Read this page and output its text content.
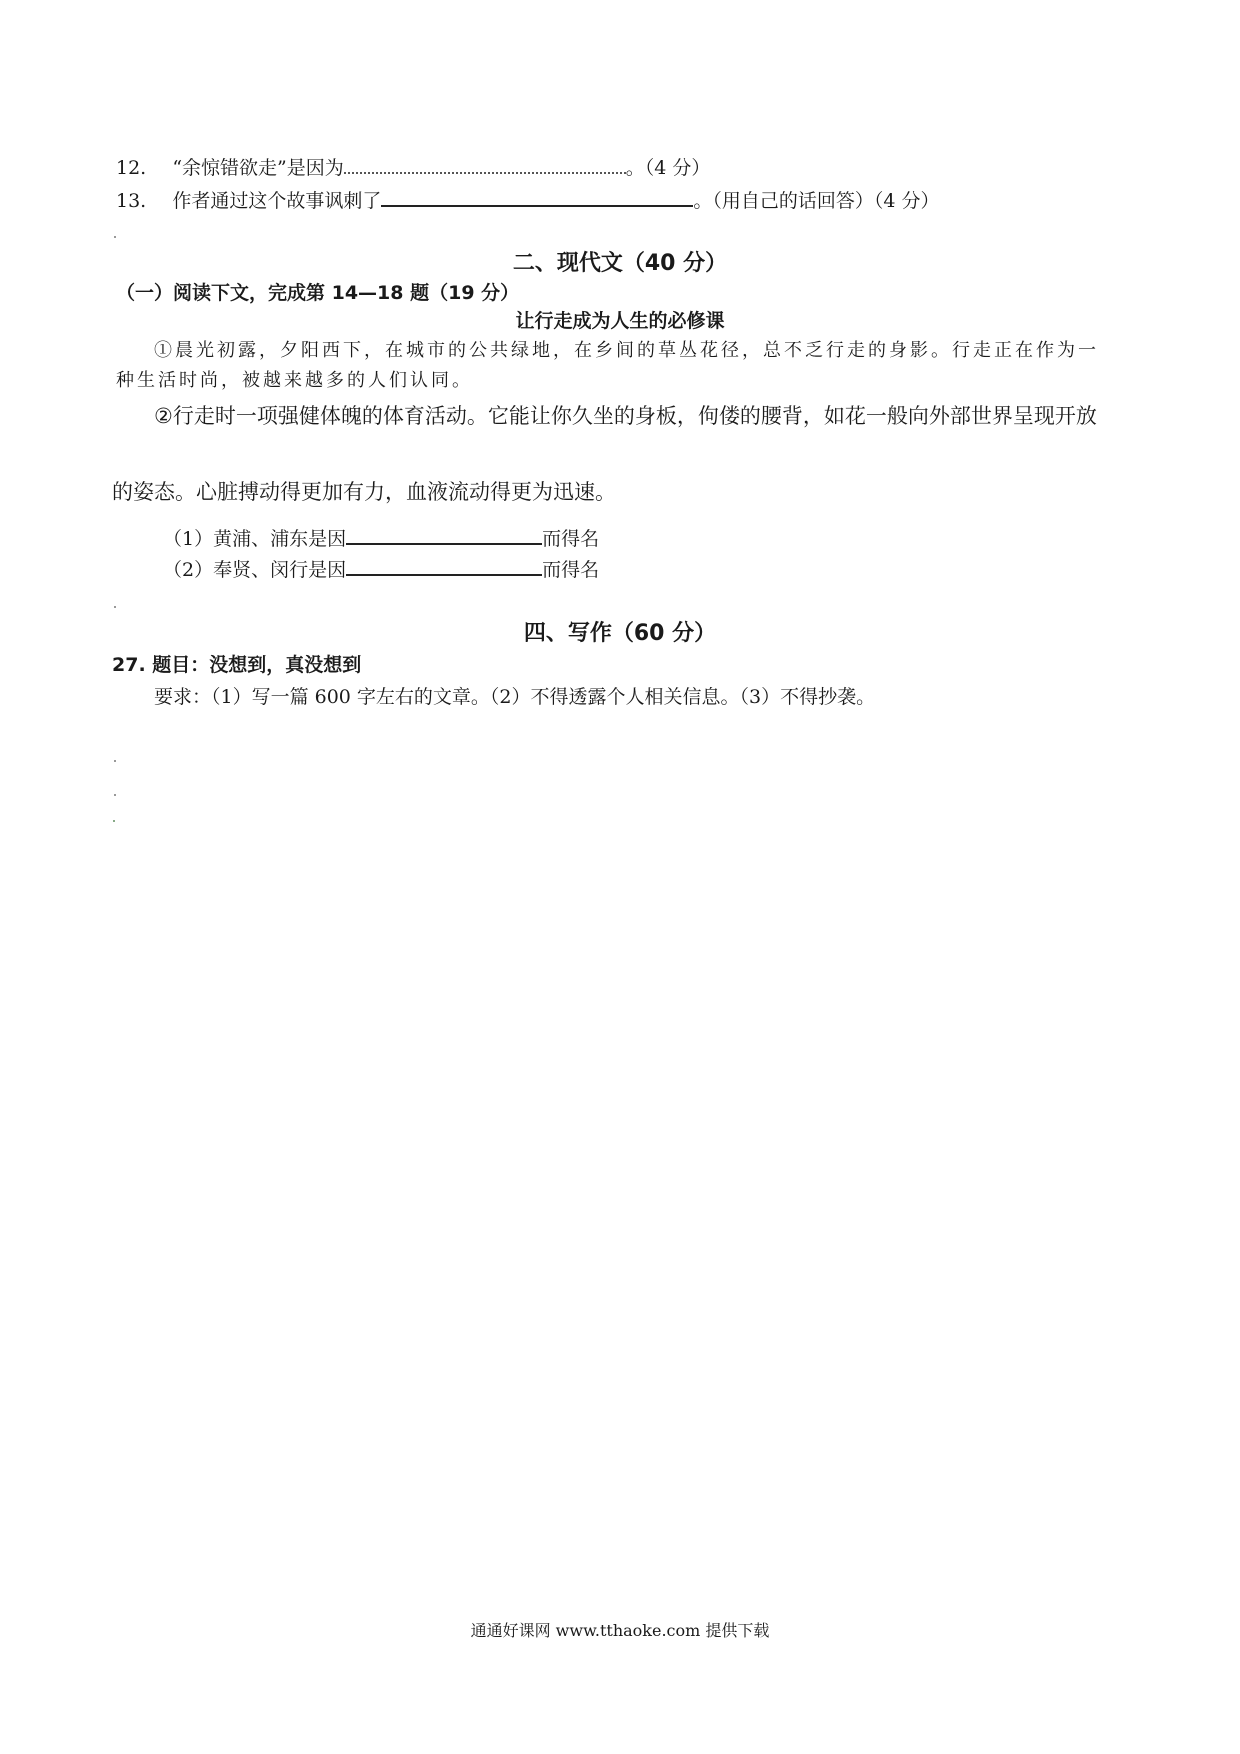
12. “余惊错欲走”是因为	。（4 分）
13. 作者通过这个故事讽刺了	。（用自己的话回答）（4 分）
二、现代文（40 分）
（一）阅读下文，完成第 14—18 题（19 分）
让行走成为人生的必修课
①晨光初露，夕阳西下，在城市的公共绿地，在乡间的草丛花径，总不乏行走的身影。行走正在作为一
种生活时尚，被越来越多的人们认同。
②行走时一项强健体魄的体育活动。它能让你久坐的身板，佝偻的腰背，如花一般向外部世界呈现开放
的姿态。心脏搏动得更加有力，血液流动得更为迅速。
（1）黄浦、浦东是因	而得名
（2）奉贤、闵行是因	而得名
四、写作（60 分）
27. 题目：没想到，真没想到
要求：（1）写一篇 600 字左右的文章。（2）不得透露个人相关信息。（3）不得抄袭。
通通好课网 www.tthaoke.com 提供下载
